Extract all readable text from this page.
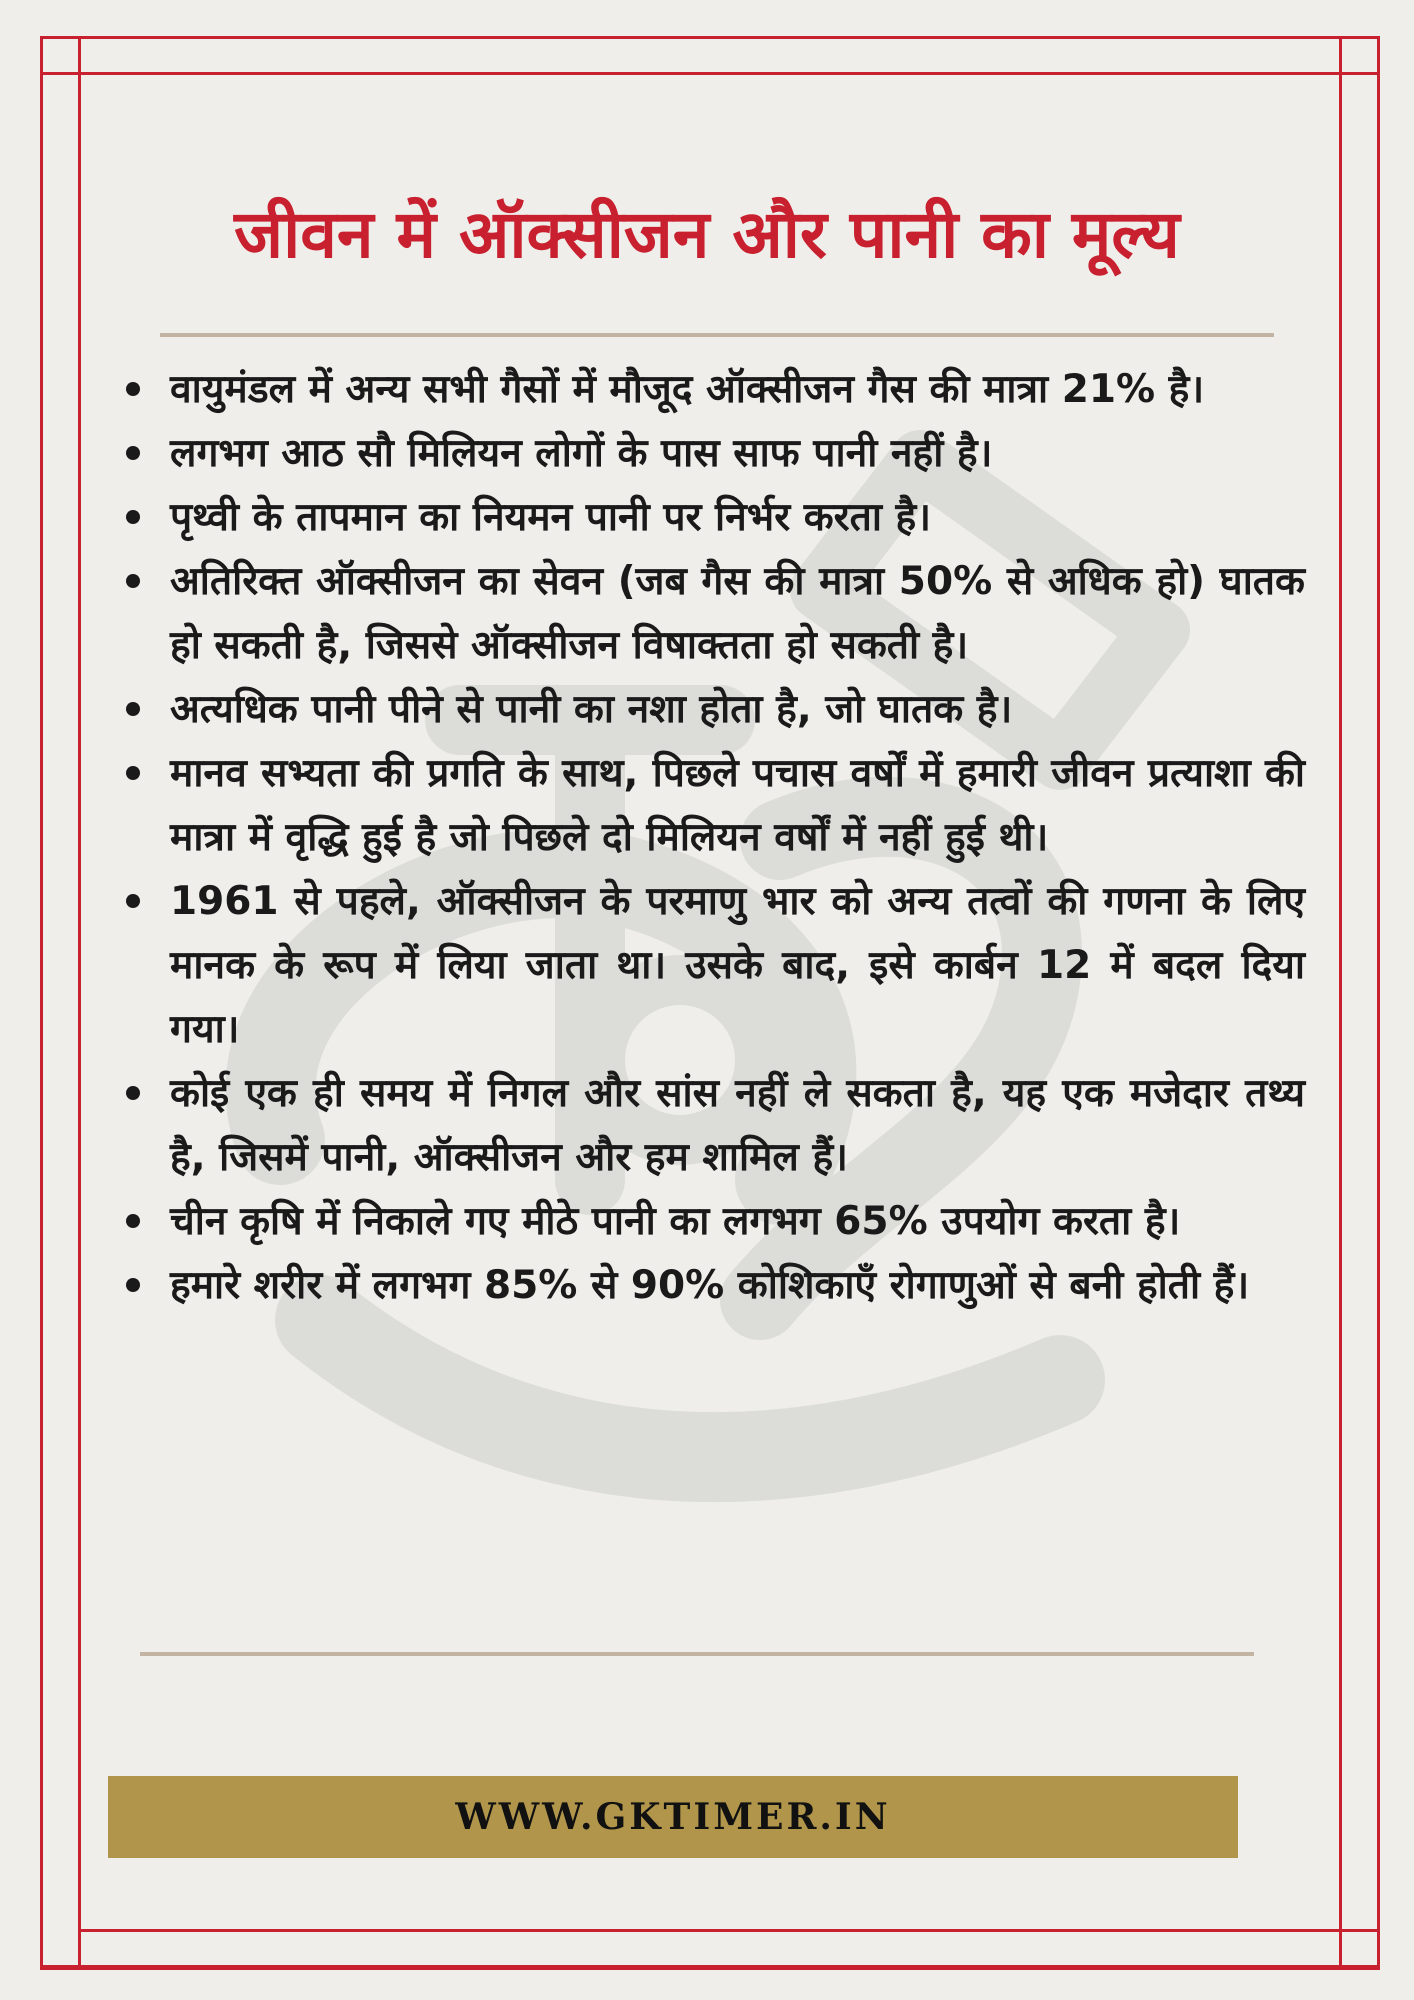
जीवन में ऑक्सीजन और पानी का मूल्य
वायुमंडल में अन्य सभी गैसों में मौजूद ऑक्सीजन गैस की मात्रा 21% है।
लगभग आठ सौ मिलियन लोगों के पास साफ पानी नहीं है।
पृथ्वी के तापमान का नियमन पानी पर निर्भर करता है।
अतिरिक्त ऑक्सीजन का सेवन (जब गैस की मात्रा 50% से अधिक हो) घातक हो सकती है, जिससे ऑक्सीजन विषाक्तता हो सकती है।
अत्यधिक पानी पीने से पानी का नशा होता है, जो घातक है।
मानव सभ्यता की प्रगति के साथ, पिछले पचास वर्षों में हमारी जीवन प्रत्याशा की मात्रा में वृद्धि हुई है जो पिछले दो मिलियन वर्षों में नहीं हुई थी।
1961 से पहले, ऑक्सीजन के परमाणु भार को अन्य तत्वों की गणना के लिए मानक के रूप में लिया जाता था। उसके बाद, इसे कार्बन 12 में बदल दिया गया।
कोई एक ही समय में निगल और सांस नहीं ले सकता है, यह एक मजेदार तथ्य है, जिसमें पानी, ऑक्सीजन और हम शामिल हैं।
चीन कृषि में निकाले गए मीठे पानी का लगभग 65% उपयोग करता है।
हमारे शरीर में लगभग 85% से 90% कोशिकाएँ रोगाणुओं से बनी होती हैं।
WWW.GKTIMER.IN
